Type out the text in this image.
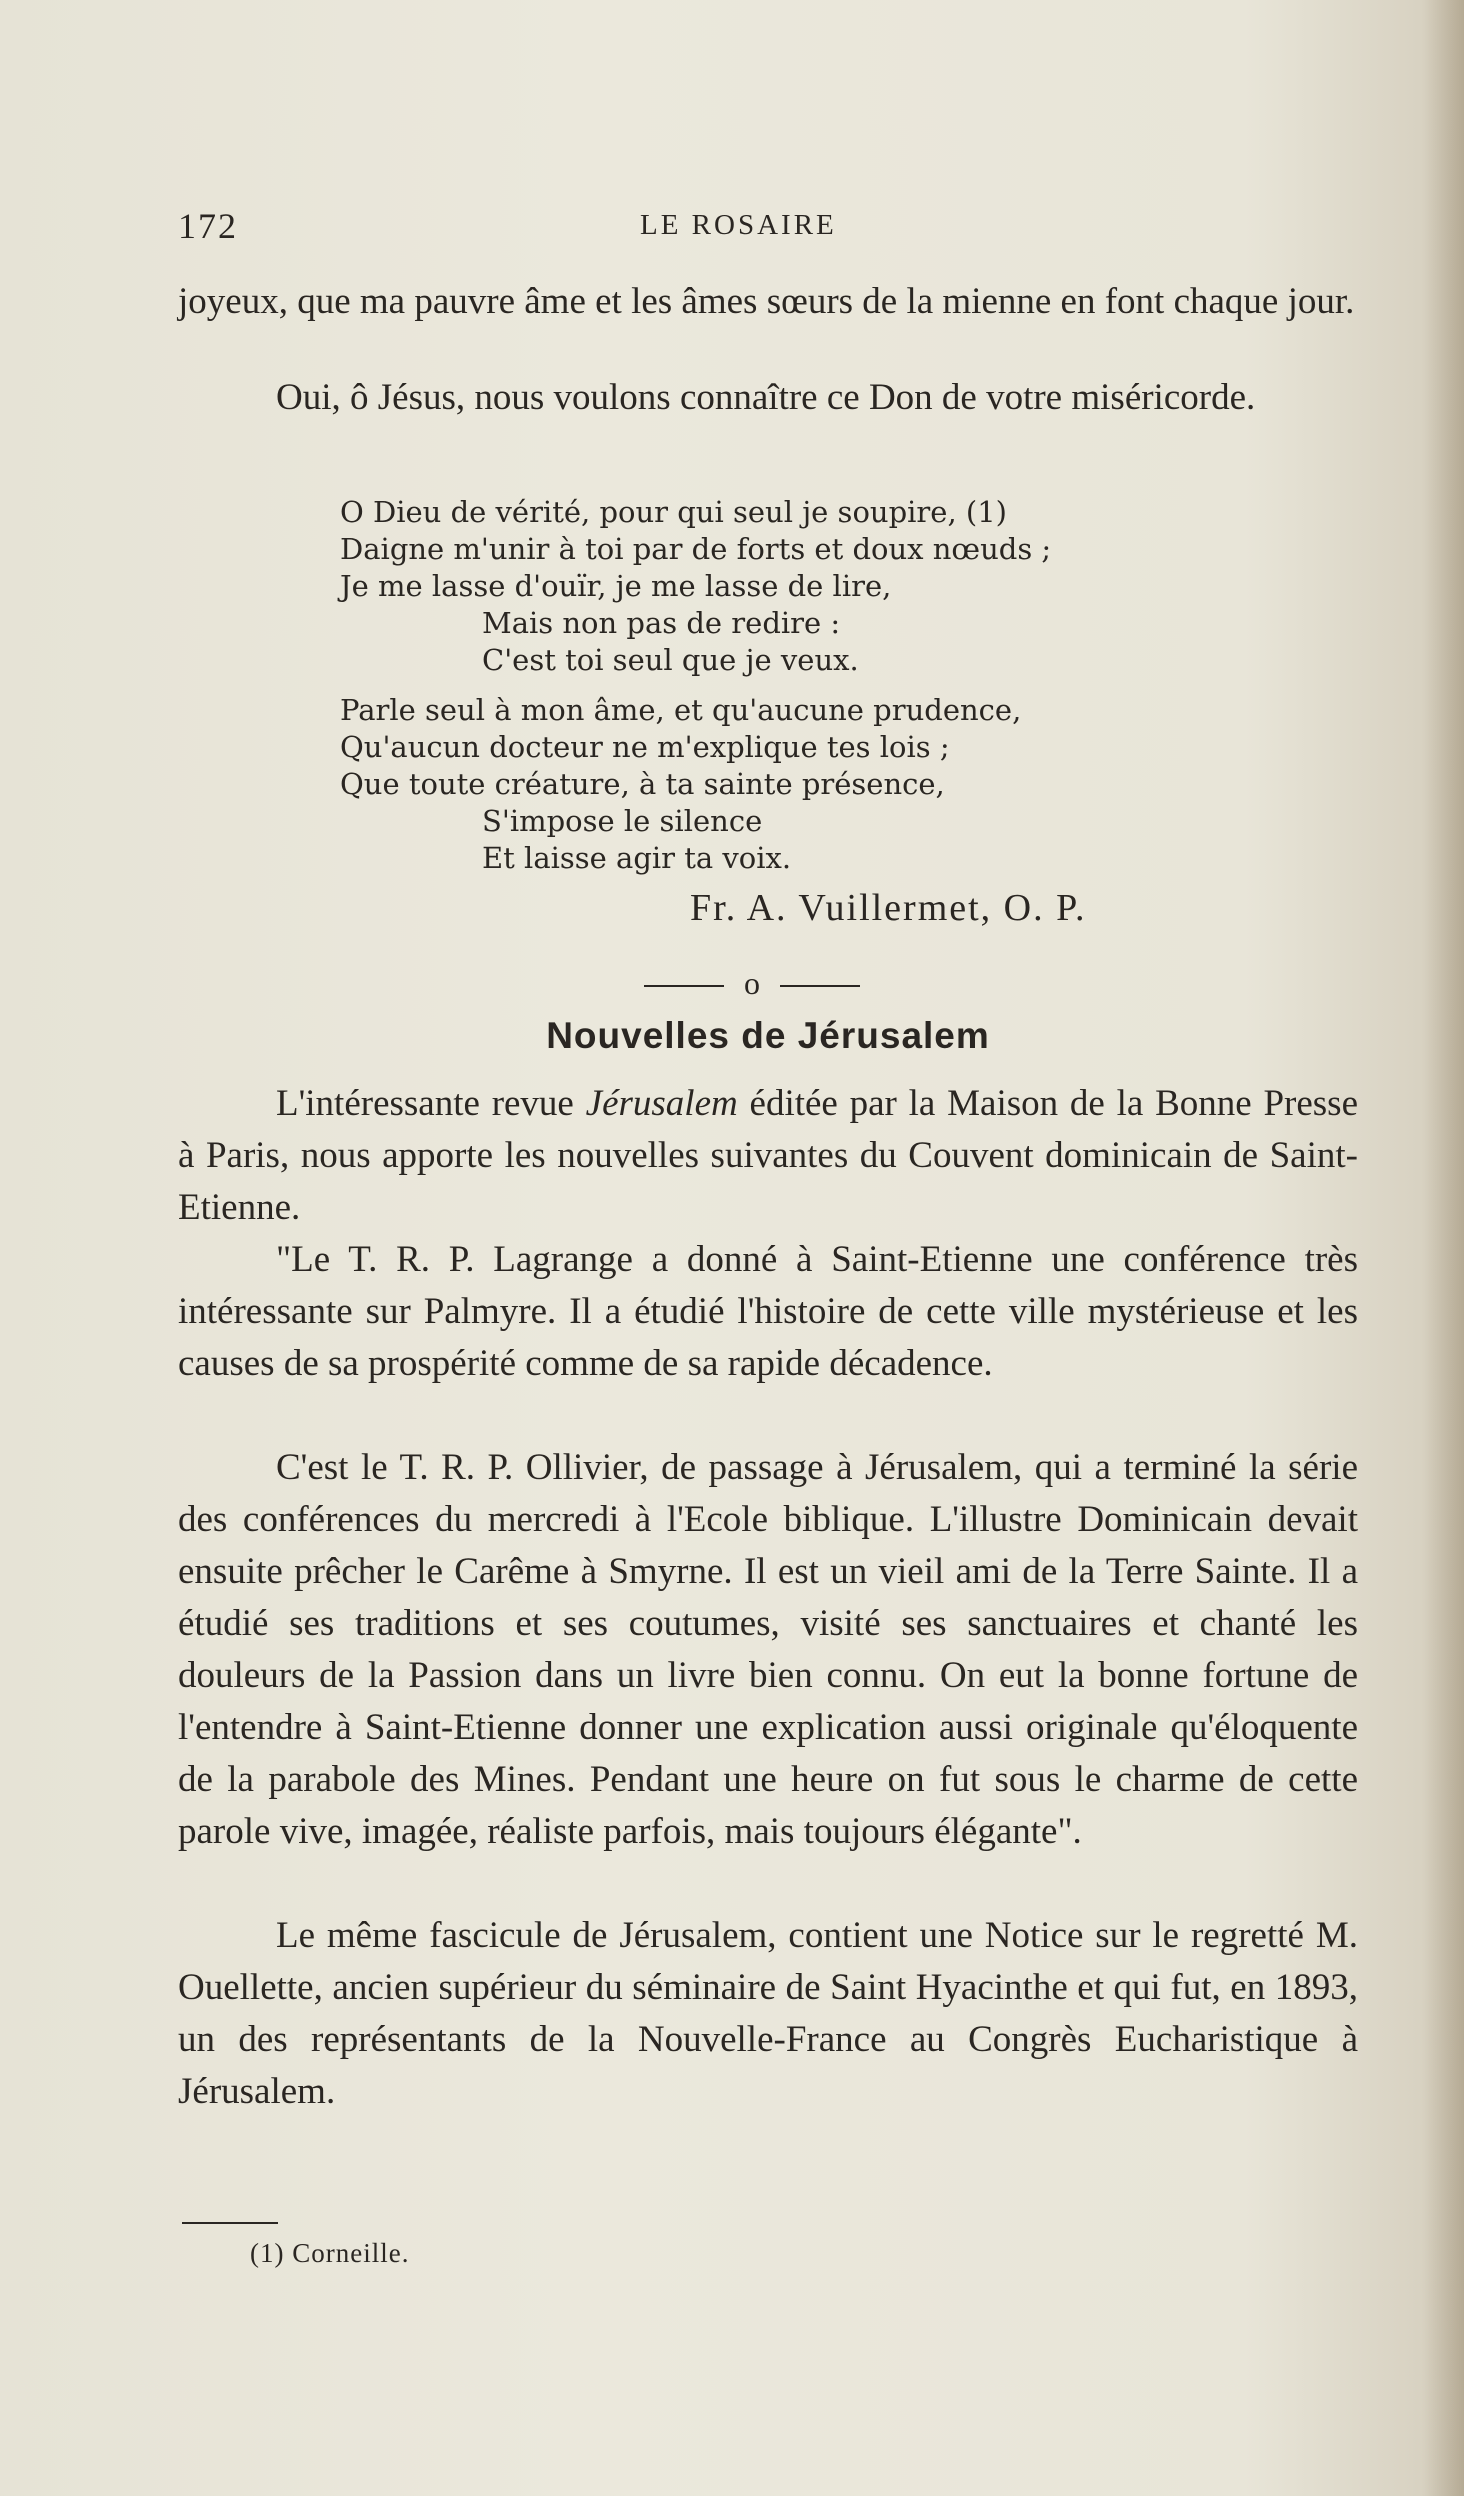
172	LE ROSAIRE

joyeux, que ma pauvre âme et les âmes sœurs de la mienne en font chaque jour.

Oui, ô Jésus, nous voulons connaître ce Don de votre miséricorde.

O Dieu de vérité, pour qui seul je soupire, (1)
Daigne m'unir à toi par de forts et doux nœuds ;
Je me lasse d'ouïr, je me lasse de lire,
Mais non pas de redire :
C'est toi seul que je veux.
Parle seul à mon âme, et qu'aucune prudence,
Qu'aucun docteur ne m'explique tes lois ;
Que toute créature, à ta sainte présence,
S'impose le silence
Et laisse agir ta voix.
Fr. A. Vuillermet, O. P.
o
Nouvelles de Jérusalem

L'intéressante revue Jérusalem éditée par la Maison de la Bonne Presse à Paris, nous apporte les nouvelles suivantes du Couvent dominicain de Saint-Etienne.

"Le T. R. P. Lagrange a donné à Saint-Etienne une conférence très intéressante sur Palmyre. Il a étudié l'histoire de cette ville mystérieuse et les causes de sa prospérité comme de sa rapide décadence.

C'est le T. R. P. Ollivier, de passage à Jérusalem, qui a terminé la série des conférences du mercredi à l'Ecole biblique. L'illustre Dominicain devait ensuite prêcher le Carême à Smyrne. Il est un vieil ami de la Terre Sainte. Il a étudié ses traditions et ses coutumes, visité ses sanctuaires et chanté les douleurs de la Passion dans un livre bien connu. On eut la bonne fortune de l'entendre à Saint-Etienne donner une explication aussi originale qu'éloquente de la parabole des Mines. Pendant une heure on fut sous le charme de cette parole vive, imagée, réaliste parfois, mais toujours élégante".

Le même fascicule de Jérusalem, contient une Notice sur le regretté M. Ouellette, ancien supérieur du séminaire de Saint Hyacinthe et qui fut, en 1893, un des représentants de la Nouvelle-France au Congrès Eucharistique à Jérusalem.

(1) Corneille.
